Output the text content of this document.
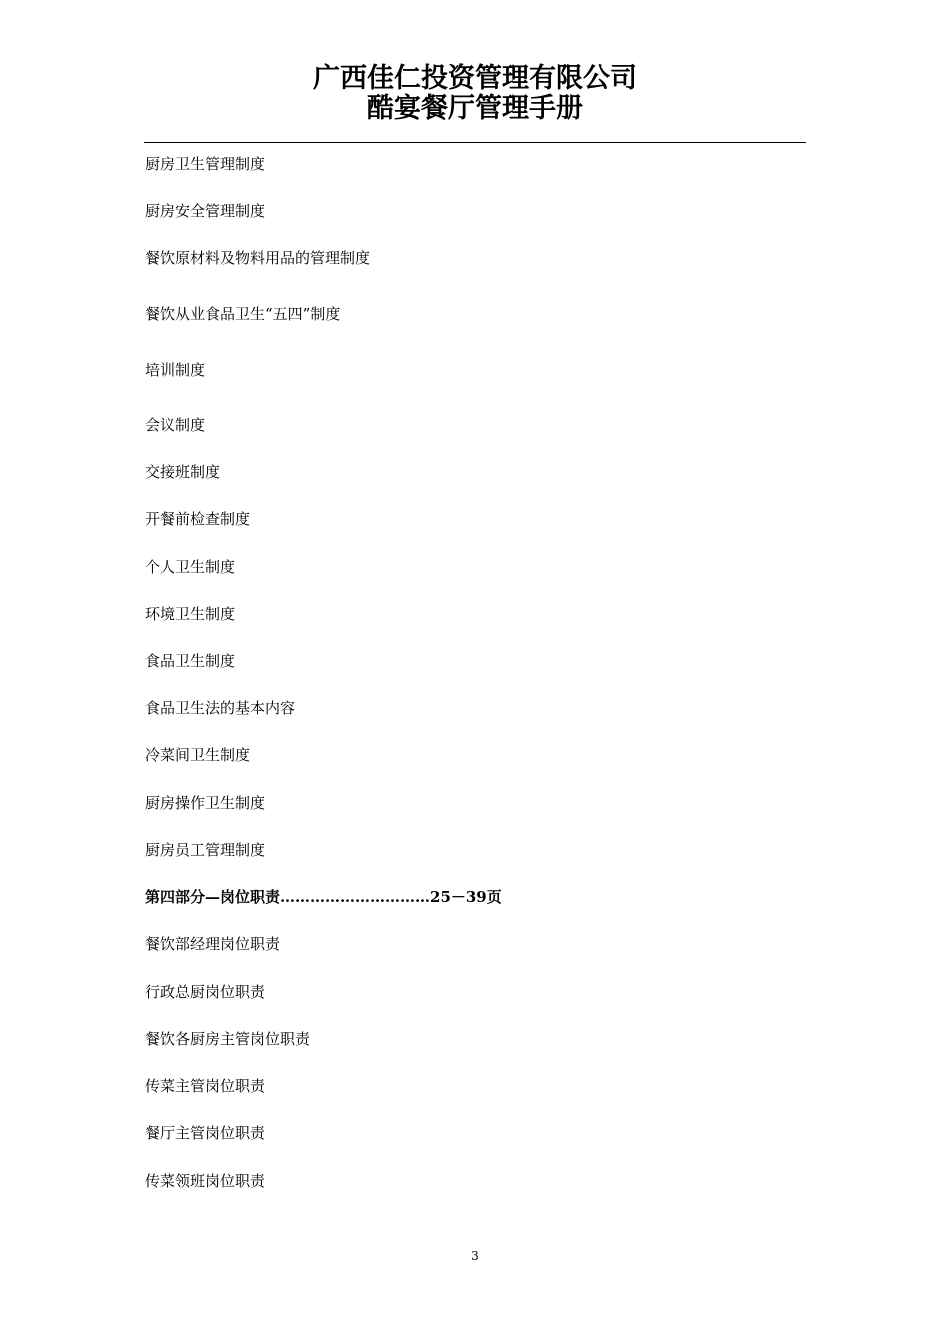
广西佳仁投资管理有限公司
酷宴餐厅管理手册
厨房卫生管理制度
厨房安全管理制度
餐饮原材料及物料用品的管理制度
餐饮从业食品卫生“五四”制度
培训制度
会议制度
交接班制度
开餐前检查制度
个人卫生制度
环境卫生制度
食品卫生制度
食品卫生法的基本内容
冷菜间卫生制度
厨房操作卫生制度
厨房员工管理制度
第四部分—岗位职责…………………………25－39页
餐饮部经理岗位职责
行政总厨岗位职责
餐饮各厨房主管岗位职责
传菜主管岗位职责
餐厅主管岗位职责
传菜领班岗位职责
3
